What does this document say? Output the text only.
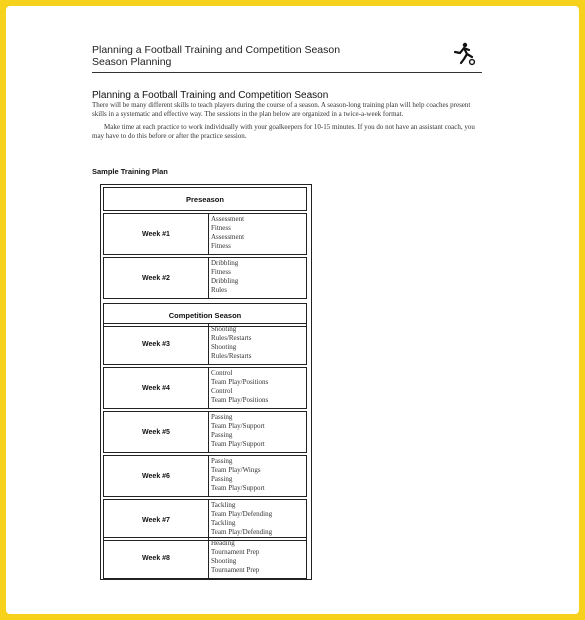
Planning a Football Training and Competition Season
Season Planning
Planning a Football Training and Competition Season

There will be many different skills to teach players during the course of a season. A season-long training plan will help coaches present skills in a systematic and effective way. The sessions in the plan below are organized in a twice-a-week format.

Make time at each practice to work individually with your goalkeepers for 10-15 minutes. If you do not have an assistant coach, you may have to do this before or after the practice session.

Sample Training Plan
Preseason
Week #1
Assessment
Fitness
Assessment
Fitness
Week #2
Dribbling
Fitness
Dribbling
Rules
Competition Season
Week #3
Shooting
Rules/Restarts
Shooting
Rules/Restarts
Week #4
Control
Team Play/Positions
Control
Team Play/Positions
Week #5
Passing
Team Play/Support
Passing
Team Play/Support
Week #6
Passing
Team Play/Wings
Passing
Team Play/Support
Week #7
Tackling
Team Play/Defending
Tackling
Team Play/Defending
Week #8
Heading
Tournament Prep
Shooting
Tournament Prep
